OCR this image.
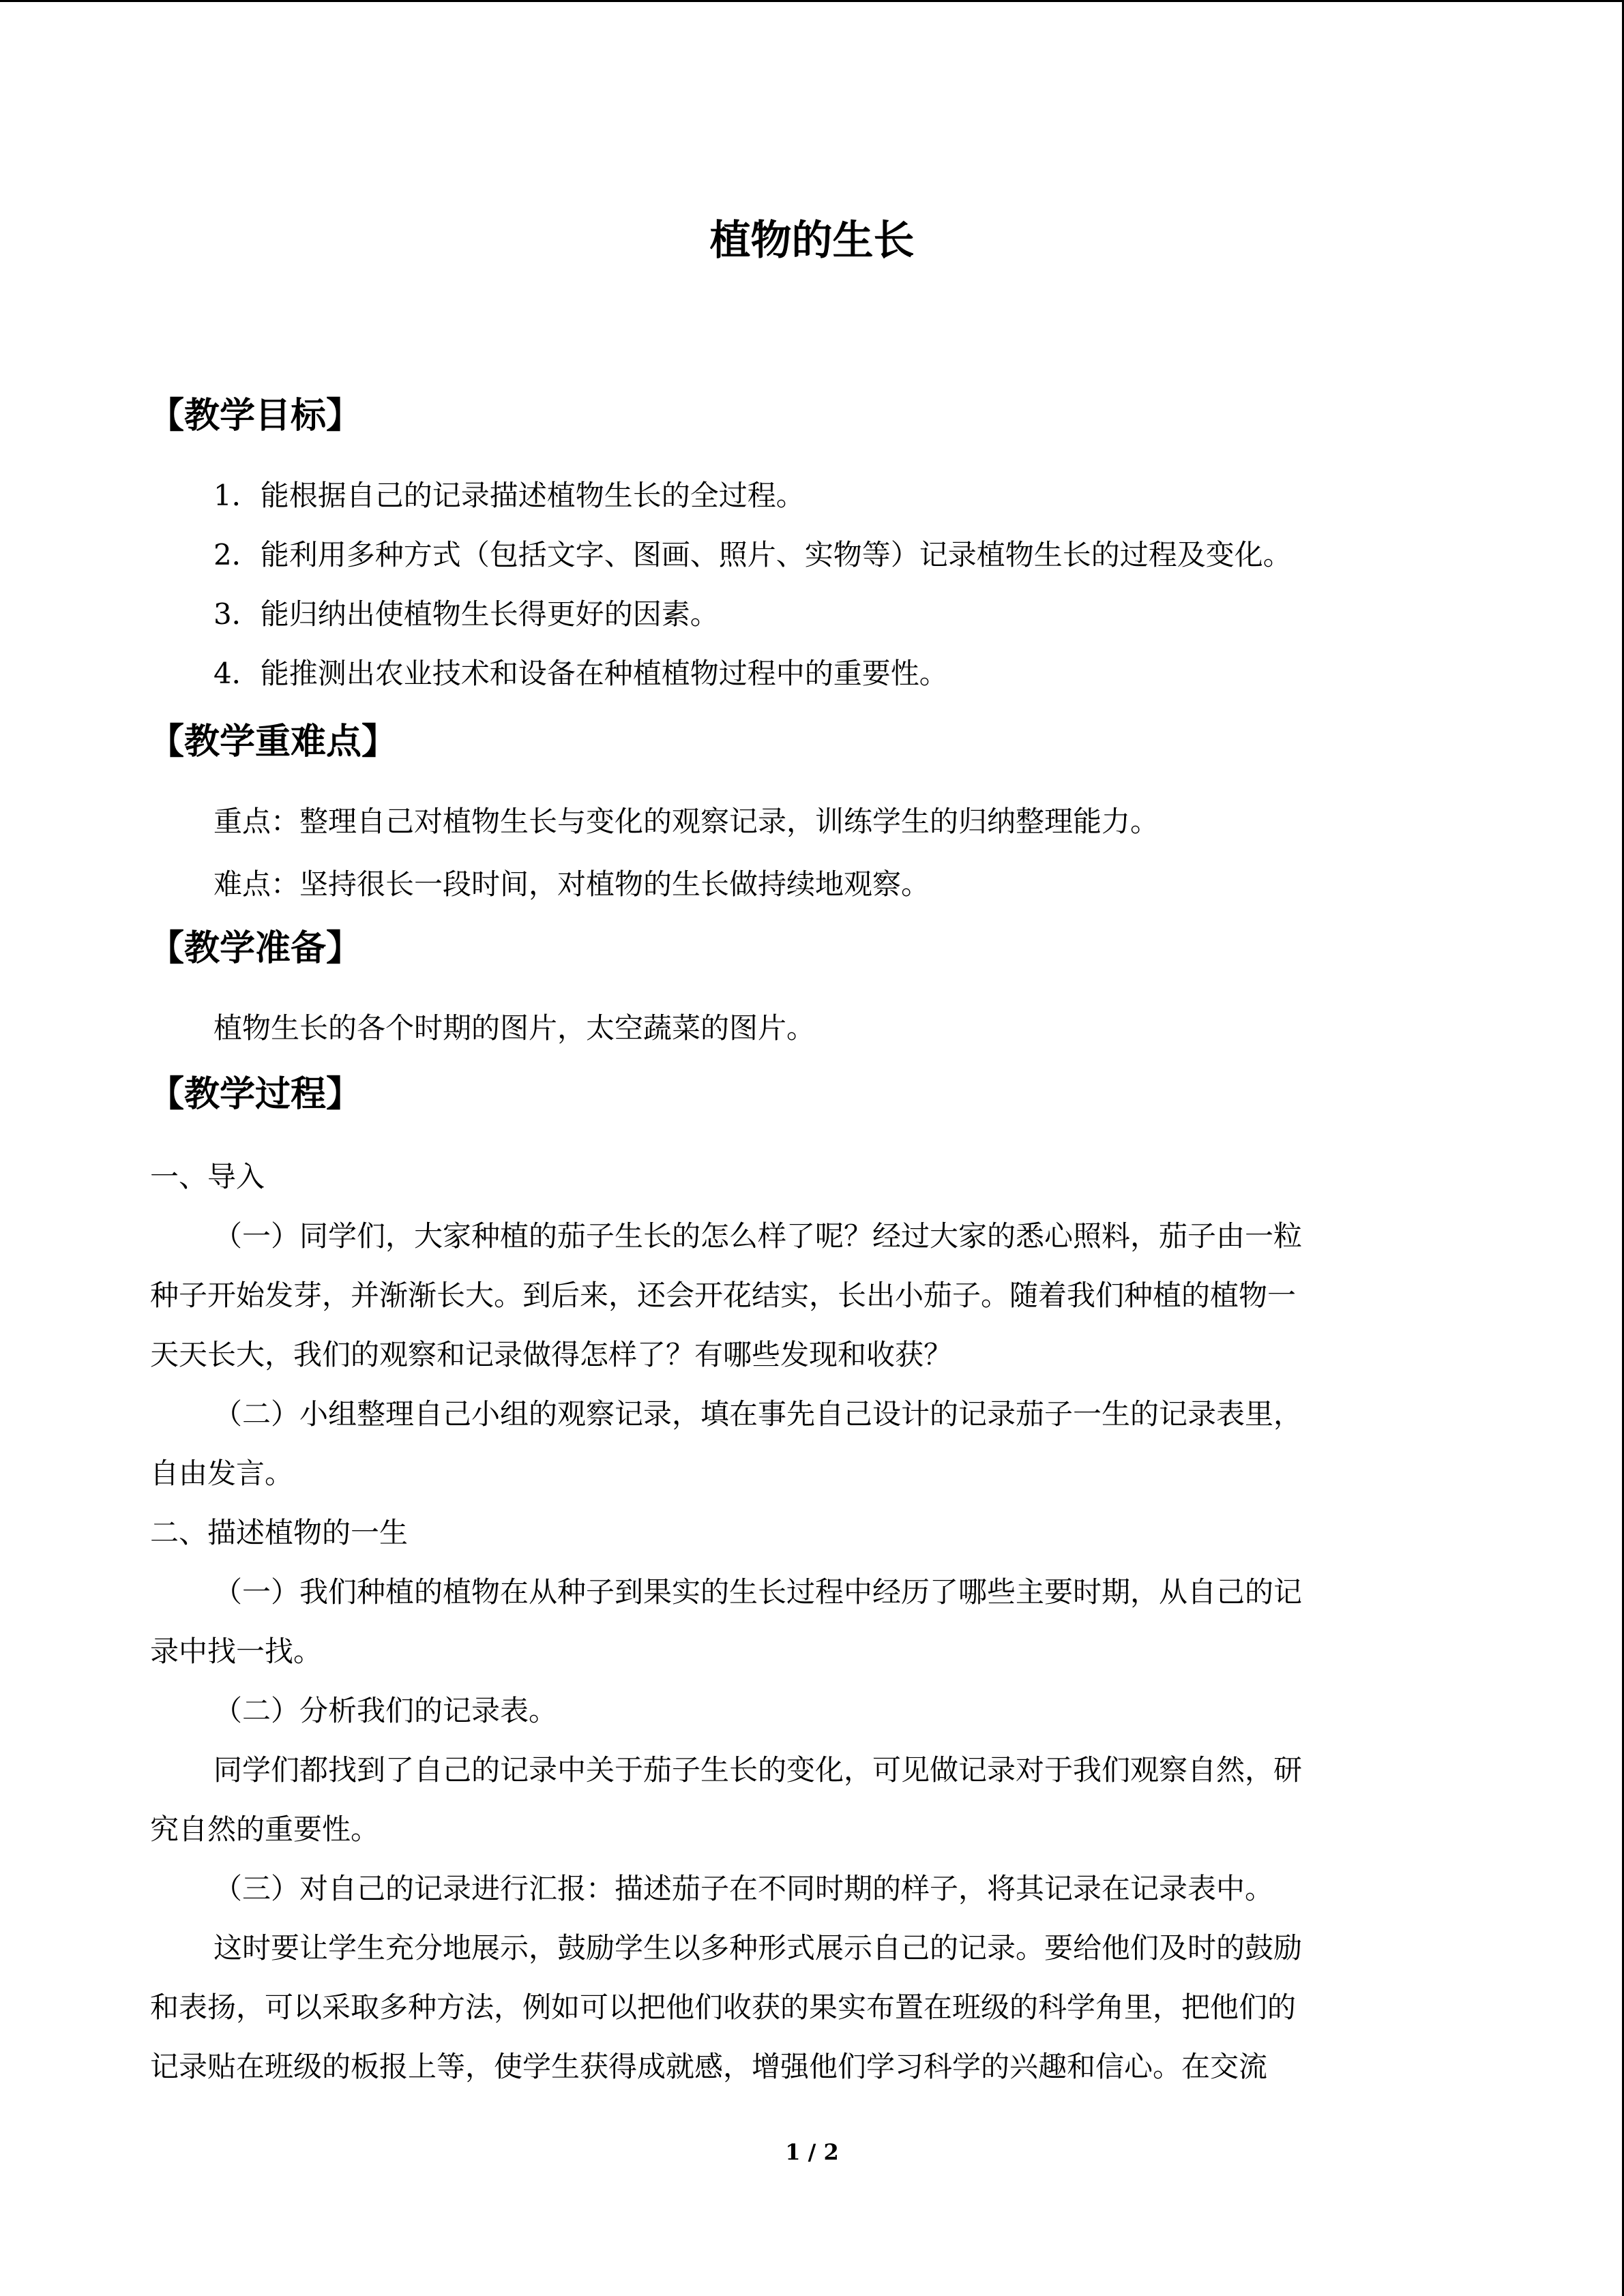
植物的生长
【教学目标】
1．能根据自己的记录描述植物生长的全过程。
2．能利用多种方式（包括文字、图画、照片、实物等）记录植物生长的过程及变化。
3．能归纳出使植物生长得更好的因素。
4．能推测出农业技术和设备在种植植物过程中的重要性。
【教学重难点】
重点：整理自己对植物生长与变化的观察记录，训练学生的归纳整理能力。
难点：坚持很长一段时间，对植物的生长做持续地观察。
【教学准备】
植物生长的各个时期的图片，太空蔬菜的图片。
【教学过程】
一、导入
（一）同学们，大家种植的茄子生长的怎么样了呢？经过大家的悉心照料，茄子由一粒
种子开始发芽，并渐渐长大。到后来，还会开花结实，长出小茄子。随着我们种植的植物一
天天长大，我们的观察和记录做得怎样了？有哪些发现和收获？
（二）小组整理自己小组的观察记录，填在事先自己设计的记录茄子一生的记录表里，
自由发言。
二、描述植物的一生
（一）我们种植的植物在从种子到果实的生长过程中经历了哪些主要时期，从自己的记
录中找一找。
（二）分析我们的记录表。
同学们都找到了自己的记录中关于茄子生长的变化，可见做记录对于我们观察自然，研
究自然的重要性。
（三）对自己的记录进行汇报：描述茄子在不同时期的样子，将其记录在记录表中。
这时要让学生充分地展示，鼓励学生以多种形式展示自己的记录。要给他们及时的鼓励
和表扬，可以采取多种方法，例如可以把他们收获的果实布置在班级的科学角里，把他们的
记录贴在班级的板报上等，使学生获得成就感，增强他们学习科学的兴趣和信心。在交流
1 / 2
